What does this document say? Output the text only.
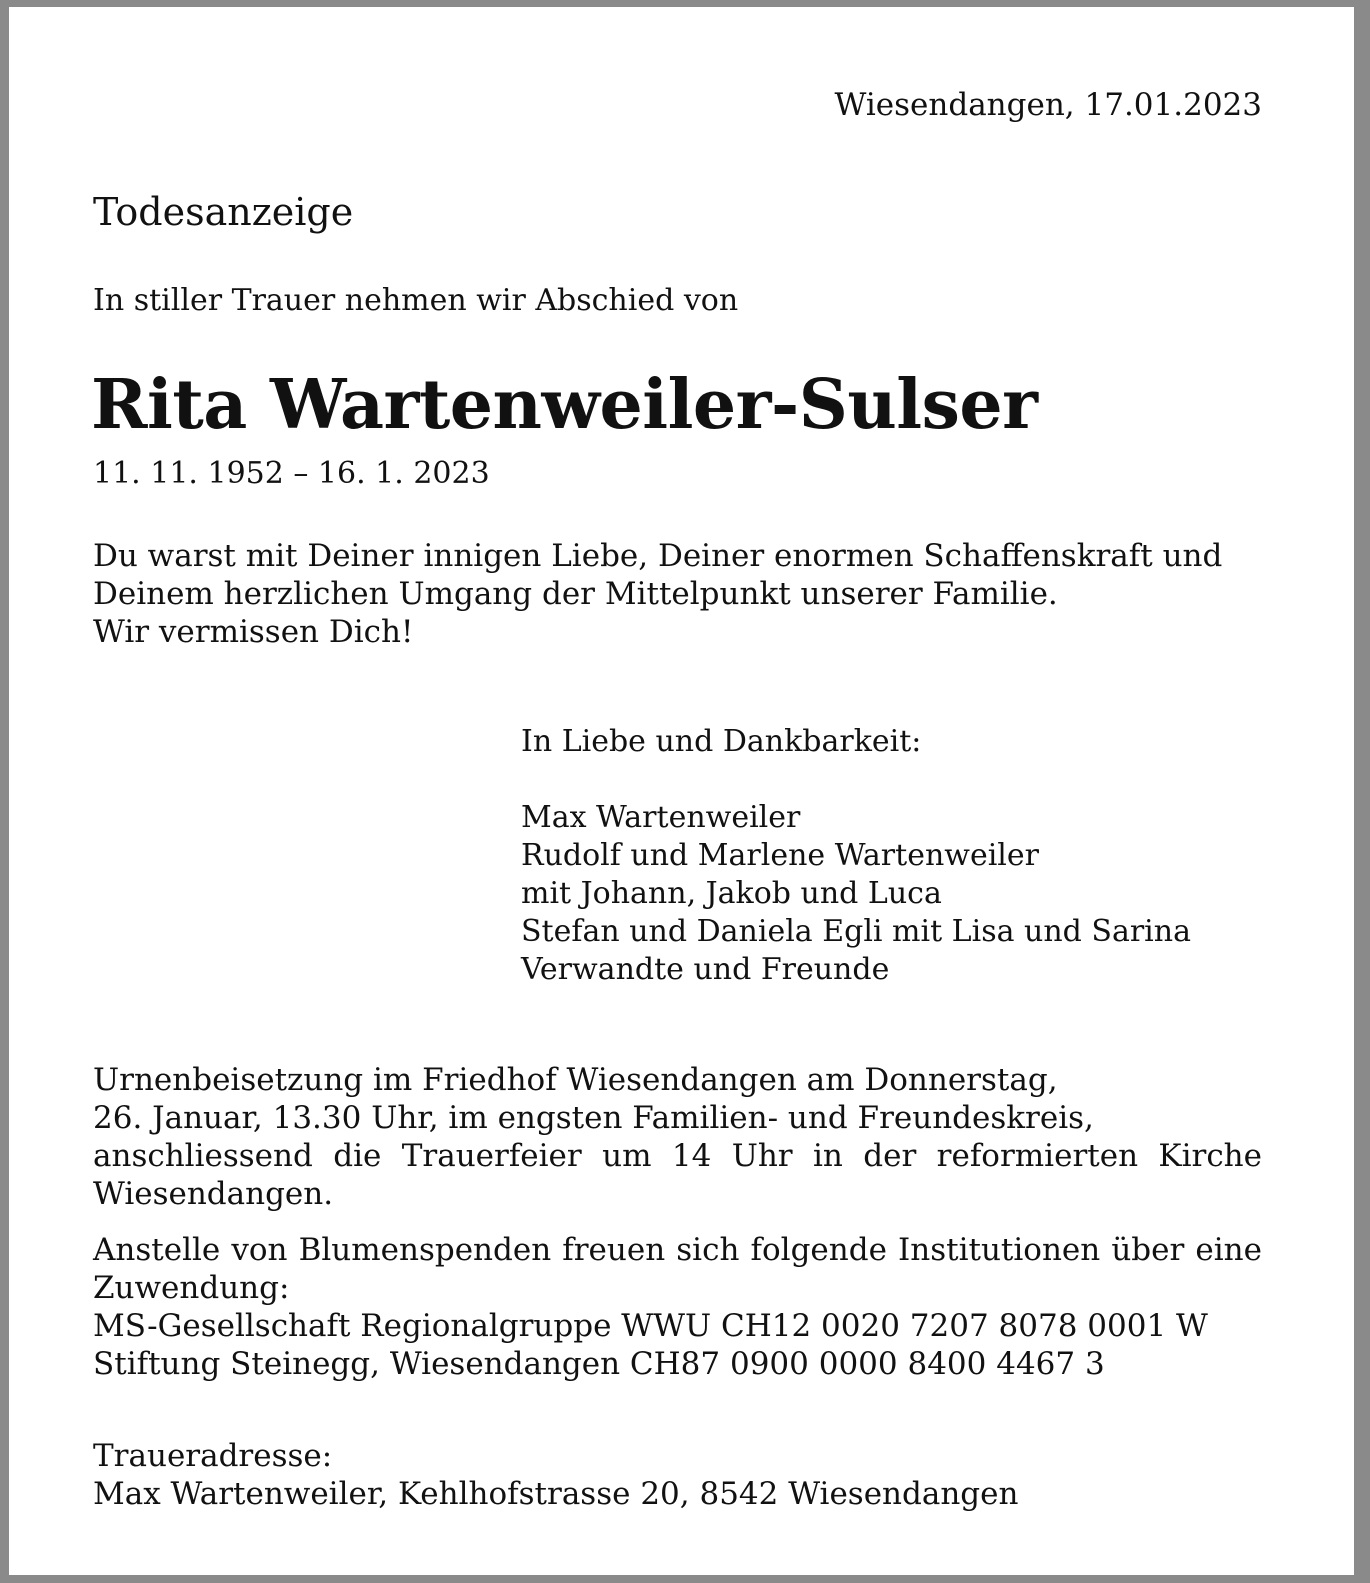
Wiesendangen, 17.01.2023

Todesanzeige

In stiller Trauer nehmen wir Abschied von

Rita Wartenweiler-Sulser

11. 11. 1952 – 16. 1. 2023

Du warst mit Deiner innigen Liebe, Deiner enormen Schaffenskraft und
Deinem herzlichen Umgang der Mittelpunkt unserer Familie.
Wir vermissen Dich!
In Liebe und Dankbarkeit:
Max Wartenweiler
Rudolf und Marlene Wartenweiler
mit Johann, Jakob und Luca
Stefan und Daniela Egli mit Lisa und Sarina
Verwandte und Freunde
Urnenbeisetzung im Friedhof Wiesendangen am Donnerstag,
26. Januar, 13.30 Uhr, im engsten Familien- und Freundeskreis,
anschliessend die Trauerfeier um 14 Uhr in der reformierten Kirche Wiesendangen.
Anstelle von Blumenspenden freuen sich folgende Institutionen über eine Zuwendung:
MS-Gesellschaft Regionalgruppe WWU CH12 0020 7207 8078 0001 W
Stiftung Steinegg, Wiesendangen CH87 0900 0000 8400 4467 3
Traueradresse:
Max Wartenweiler, Kehlhofstrasse 20, 8542 Wiesendangen
